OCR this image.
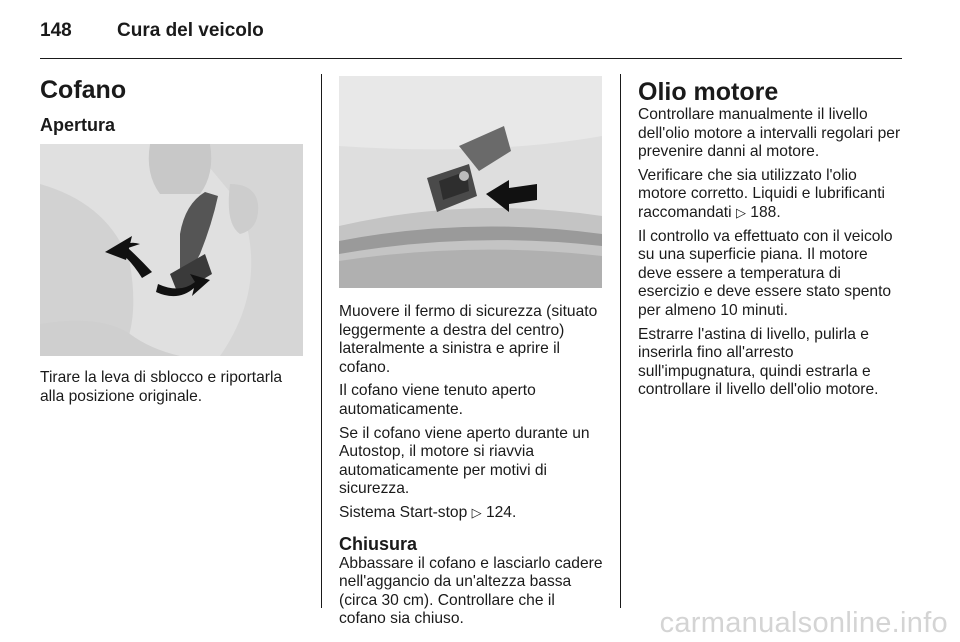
148 Cura del veicolo
Cofano
Apertura

Tirare la leva di sblocco e riportarla alla posizione originale.

Muovere il fermo di sicurezza (situato leggermente a destra del centro) lateralmente a sinistra e aprire il cofano.

Il cofano viene tenuto aperto automaticamente.

Se il cofano viene aperto durante un Autostop, il motore si riavvia automaticamente per motivi di sicurezza.

Sistema Start-stop ▷ 124.

Chiusura

Abbassare il cofano e lasciarlo cadere nell'aggancio da un'altezza bassa (circa 30 cm). Controllare che il cofano sia chiuso.

Olio motore

Controllare manualmente il livello dell'olio motore a intervalli regolari per prevenire danni al motore.

Verificare che sia utilizzato l'olio motore corretto. Liquidi e lubrificanti raccomandati ▷ 188.

Il controllo va effettuato con il veicolo su una superficie piana. Il motore deve essere a temperatura di esercizio e deve essere stato spento per almeno 10 minuti.

Estrarre l'astina di livello, pulirla e inserirla fino all'arresto sull'impugnatura, quindi estrarla e controllare il livello dell'olio motore.

carmanualsonline.info
